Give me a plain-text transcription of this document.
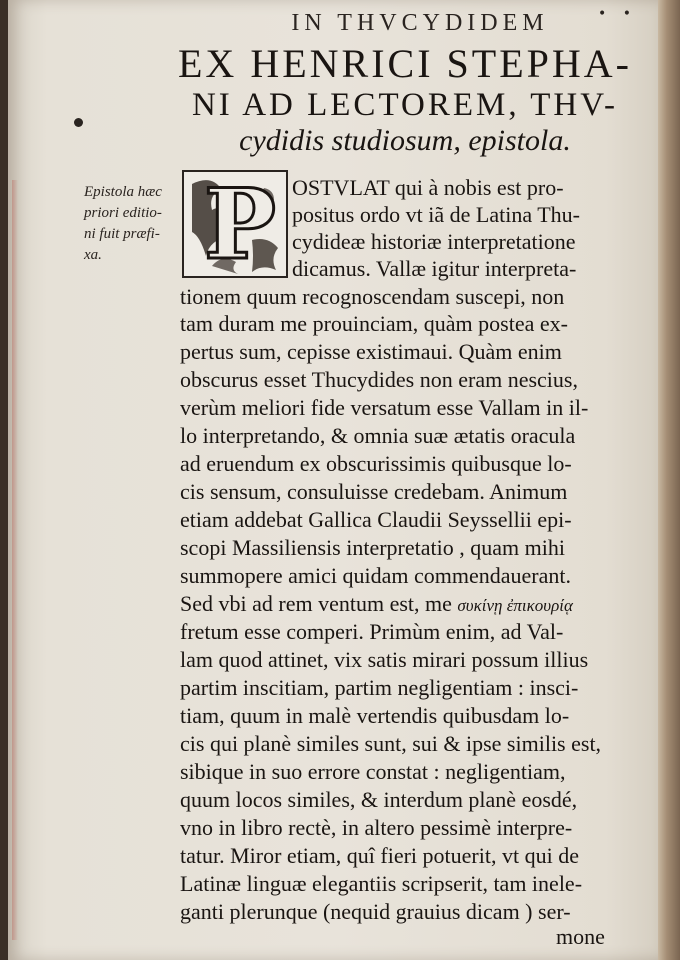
IN THVCYDIDEM	• •
EX HENRICI STEPHA-
NI AD LECTOREM, THV-
cydidis studiosum, epistola.
Epistola hæc
priori editio-
ni fuit præfi-
xa.	P OSTVLAT qui à nobis est pro-
positus ordo vt iã de Latina Thu-
cydideæ historiæ interpretatione
dicamus. Vallæ igitur interpreta-
tionem quum recognoscendam suscepi, non
tam duram me prouinciam, quàm postea ex-
pertus sum, cepisse existimaui. Quàm enim
obscurus esset Thucydides non eram nescius,
verùm meliori fide versatum esse Vallam in il-
lo interpretando, & omnia suæ ætatis oracula
ad eruendum ex obscurissimis quibusque lo-
cis sensum, consuluisse credebam. Animum
etiam addebat Gallica Claudii Seyssellii epi-
scopi Massiliensis interpretatio , quam mihi
summopere amici quidam commendauerant.
Sed vbi ad rem ventum est, me συκίνῃ ἐπικουρίᾳ
fretum esse comperi. Primùm enim, ad Val-
lam quod attinet, vix satis mirari possum illius
partim inscitiam, partim negligentiam : insci-
tiam, quum in malè vertendis quibusdam lo-
cis qui planè similes sunt, sui & ipse similis est,
sibique in suo errore constat : negligentiam,
quum locos similes, & interdum planè eosdé,
vno in libro rectè, in altero pessimè interpre-
tatur. Miror etiam, quî fieri potuerit, vt qui de
Latinæ linguæ elegantiis scripserit, tam inele-
ganti plerunque (nequid grauius dicam ) ser-
mone
